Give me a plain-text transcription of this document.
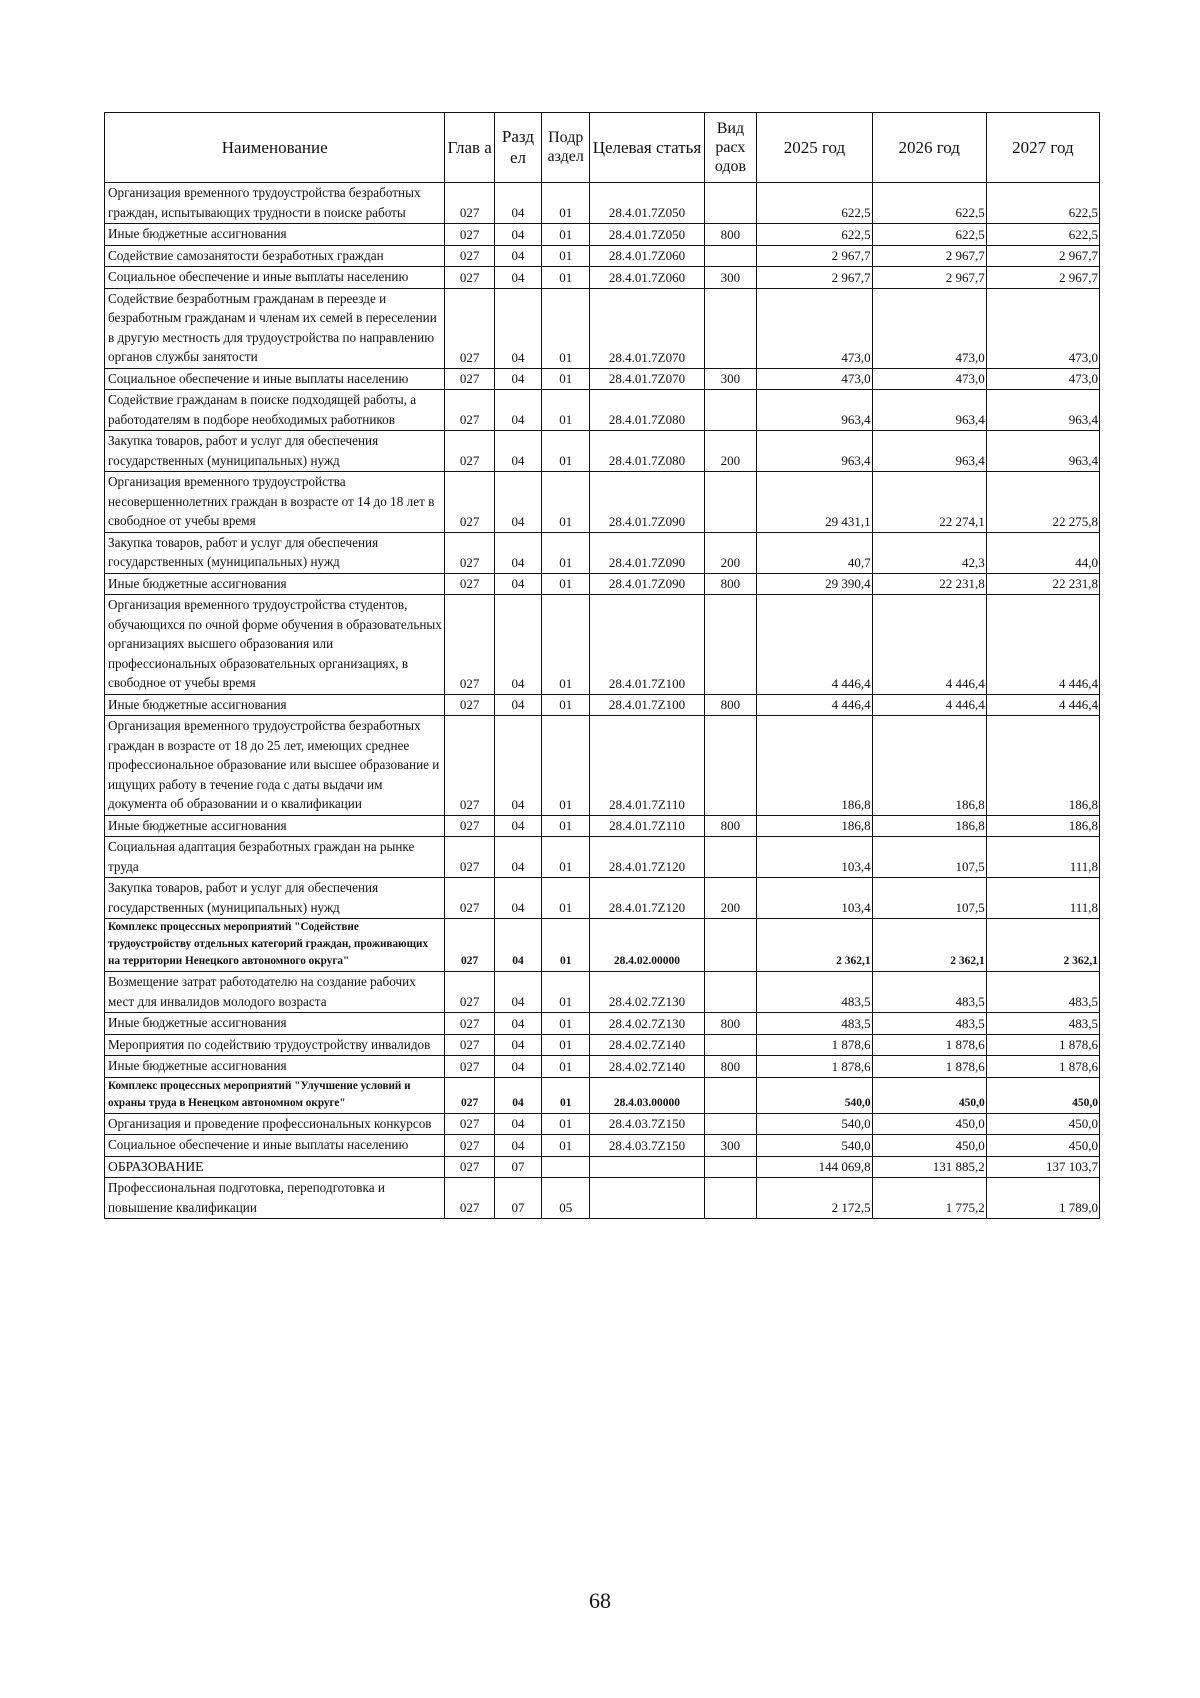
Наименование	Глав а	Разд ел	Подр аздел	Целевая статья	Вид расх одов	2025 год	2026 год	2027 год
Организация временного трудоустройства безработных граждан, испытывающих трудности в поиске работы	027	04	01	28.4.01.7Z050		622,5	622,5	622,5
Иные бюджетные ассигнования	027	04	01	28.4.01.7Z050	800	622,5	622,5	622,5
Содействие самозанятости безработных граждан	027	04	01	28.4.01.7Z060		2 967,7	2 967,7	2 967,7
Социальное обеспечение и иные выплаты населению	027	04	01	28.4.01.7Z060	300	2 967,7	2 967,7	2 967,7
Содействие безработным гражданам в переезде и безработным гражданам и членам их семей в переселении в другую местность для трудоустройства по направлению органов службы занятости	027	04	01	28.4.01.7Z070		473,0	473,0	473,0
Социальное обеспечение и иные выплаты населению	027	04	01	28.4.01.7Z070	300	473,0	473,0	473,0
Содействие гражданам в поиске подходящей работы, а работодателям в подборе необходимых работников	027	04	01	28.4.01.7Z080		963,4	963,4	963,4
Закупка товаров, работ и услуг для обеспечения государственных (муниципальных) нужд	027	04	01	28.4.01.7Z080	200	963,4	963,4	963,4
Организация временного трудоустройства несовершеннолетних граждан в возрасте от 14 до 18 лет в свободное от учебы время	027	04	01	28.4.01.7Z090		29 431,1	22 274,1	22 275,8
Закупка товаров, работ и услуг для обеспечения государственных (муниципальных) нужд	027	04	01	28.4.01.7Z090	200	40,7	42,3	44,0
Иные бюджетные ассигнования	027	04	01	28.4.01.7Z090	800	29 390,4	22 231,8	22 231,8
Организация временного трудоустройства студентов, обучающихся по очной форме обучения в образовательных организациях высшего образования или профессиональных образовательных организациях, в свободное от учебы время	027	04	01	28.4.01.7Z100		4 446,4	4 446,4	4 446,4
Иные бюджетные ассигнования	027	04	01	28.4.01.7Z100	800	4 446,4	4 446,4	4 446,4
Организация временного трудоустройства безработных граждан в возрасте от 18 до 25 лет, имеющих среднее профессиональное образование или высшее образование и ищущих работу в течение года с даты выдачи им документа об образовании и о квалификации	027	04	01	28.4.01.7Z110		186,8	186,8	186,8
Иные бюджетные ассигнования	027	04	01	28.4.01.7Z110	800	186,8	186,8	186,8
Социальная адаптация безработных граждан на рынке труда	027	04	01	28.4.01.7Z120		103,4	107,5	111,8
Закупка товаров, работ и услуг для обеспечения государственных (муниципальных) нужд	027	04	01	28.4.01.7Z120	200	103,4	107,5	111,8
Комплекс процессных мероприятий "Содействие трудоустройству отдельных категорий граждан, проживающих на территории Ненецкого автономного округа"	027	04	01	28.4.02.00000		2 362,1	2 362,1	2 362,1
Возмещение затрат работодателю на создание рабочих мест для инвалидов молодого возраста	027	04	01	28.4.02.7Z130		483,5	483,5	483,5
Иные бюджетные ассигнования	027	04	01	28.4.02.7Z130	800	483,5	483,5	483,5
Мероприятия по содействию трудоустройству инвалидов	027	04	01	28.4.02.7Z140		1 878,6	1 878,6	1 878,6
Иные бюджетные ассигнования	027	04	01	28.4.02.7Z140	800	1 878,6	1 878,6	1 878,6
Комплекс процессных мероприятий "Улучшение условий и охраны труда в Ненецком автономном округе"	027	04	01	28.4.03.00000		540,0	450,0	450,0
Организация и проведение профессиональных конкурсов	027	04	01	28.4.03.7Z150		540,0	450,0	450,0
Социальное обеспечение и иные выплаты населению	027	04	01	28.4.03.7Z150	300	540,0	450,0	450,0
ОБРАЗОВАНИЕ	027	07				144 069,8	131 885,2	137 103,7
Профессиональная подготовка, переподготовка и повышение квалификации	027	07	05			2 172,5	1 775,2	1 789,0
68
